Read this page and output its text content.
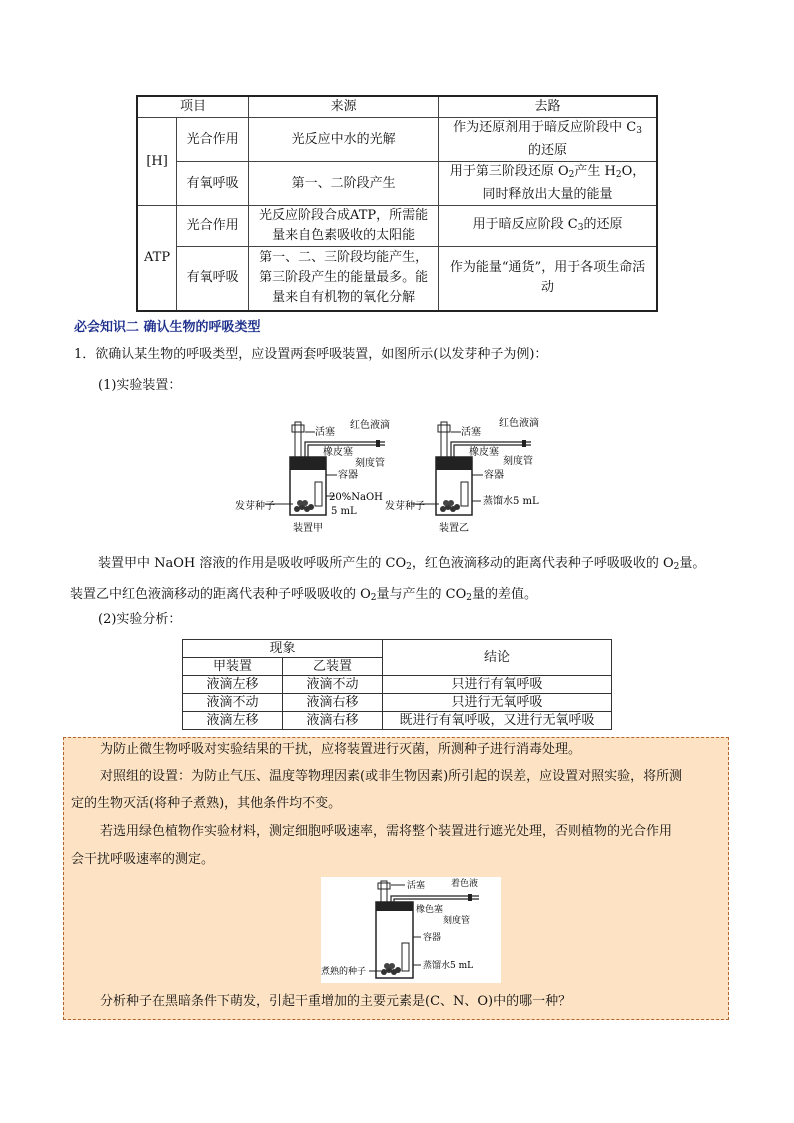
项目		来源	去路
[H]	光合作用	光反应中水的光解	作为还原剂用于暗反应阶段中 $C_3$
的还原
	有氧呼吸	第一、二阶段产生	用于第三阶段还原 $O_2$产生 $H_2O$，同时释放出大量的能量
ATP	光合作用	光反应阶段合成ATP，所需能量来自色素吸收的太阳能	用于暗反应阶段 $C_3$的还原
	有氧呼吸	第一、二、三阶段均能产生，第三阶段产生的能量最多。能量来自有机物的氧化分解	作为能量“通货”，用于各项生命活动
必会知识二 确认生物的呼吸类型
1．欲确认某生物的呼吸类型，应设置两套呼吸装置，如图所示(以发芽种子为例)：
(1)实验装置：
活塞
红色液滴
橡皮塞
刻度管
容器
发芽种子
20%NaOH
5 mL
装置甲
活塞
红色液滴
橡皮塞
刻度管
容器
发芽种子	蒸馏水5 mL
装置乙
装置甲中 NaOH 溶液的作用是吸收呼吸所产生的 $CO_2$，红色液滴移动的距离代表种子呼吸吸收的 $O_2$量。
装置乙中红色液滴移动的距离代表种子呼吸吸收的 $O_2$量与产生的 $CO_2$量的差值。
(2)实验分析：
现象		结论
甲装置	乙装置	
液滴左移	液滴不动	只进行有氧呼吸
液滴不动	液滴右移	只进行无氧呼吸
液滴左移	液滴右移	既进行有氧呼吸，又进行无氧呼吸
为防止微生物呼吸对实验结果的干扰，应将装置进行灭菌，所测种子进行消毒处理。
对照组的设置：为防止气压、温度等物理因素(或非生物因素)所引起的误差，应设置对照实验，将所测
定的生物灭活(将种子煮熟)，其他条件均不变。
若选用绿色植物作实验材料，测定细胞呼吸速率，需将整个装置进行遮光处理，否则植物的光合作用
会干扰呼吸速率的测定。
活塞	着色液
橡色塞
刻度管
容器
煮熟的种子
蒸馏水5 mL
分析种子在黑暗条件下萌发，引起干重增加的主要元素是(C、N、O)中的哪一种？
